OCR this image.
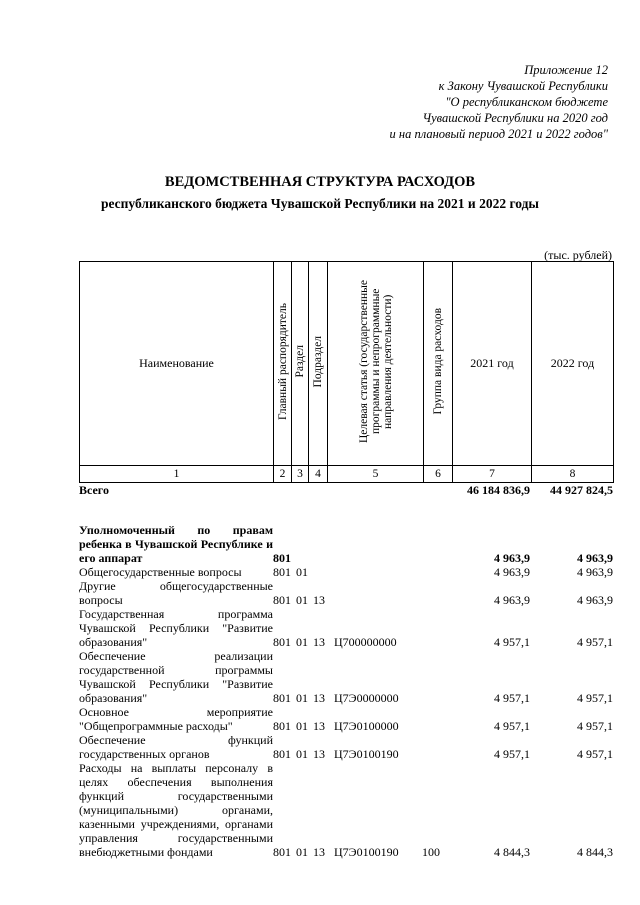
Приложение 12
к Закону Чувашской Республики
"О республиканском бюджете
Чувашской Республики на 2020 год
и на плановый период 2021 и 2022 годов"
ВЕДОМСТВЕННАЯ СТРУКТУРА РАСХОДОВ
республиканского бюджета Чувашской Республики на 2021 и 2022 годы
(тыс. рублей)
Наименование	Главный распорядитель	Раздел	Подраздел	Целевая статья (государственные
программы и непрограммные
направления деятельности)	Группа вида расходов	2021 год	2022 год
1	2	3	4	5	6	7	8
Всего						46 184 836,9	44 927 824,5

Уполномоченный по правам ребенка в Чувашской Республике и его аппарат	801					4 963,9	4 963,9
Общегосударственные вопросы	801	01				4 963,9	4 963,9
Другие общегосударственные вопросы	801	01	13			4 963,9	4 963,9
Государственная программа Чувашской Республики "Развитие образования"	801	01	13	Ц700000000		4 957,1	4 957,1
Обеспечение реализации государственной программы Чувашской Республики "Развитие образования"	801	01	13	Ц7Э0000000		4 957,1	4 957,1
Основное мероприятие "Общепрограммные расходы"	801	01	13	Ц7Э0100000		4 957,1	4 957,1
Обеспечение функций государственных органов	801	01	13	Ц7Э0100190		4 957,1	4 957,1
Расходы на выплаты персоналу в целях обеспечения выполнения функций государственными (муниципальными) органами, казенными учреждениями, органами управления государственными внебюджетными фондами	801	01	13	Ц7Э0100190	100	4 844,3	4 844,3
